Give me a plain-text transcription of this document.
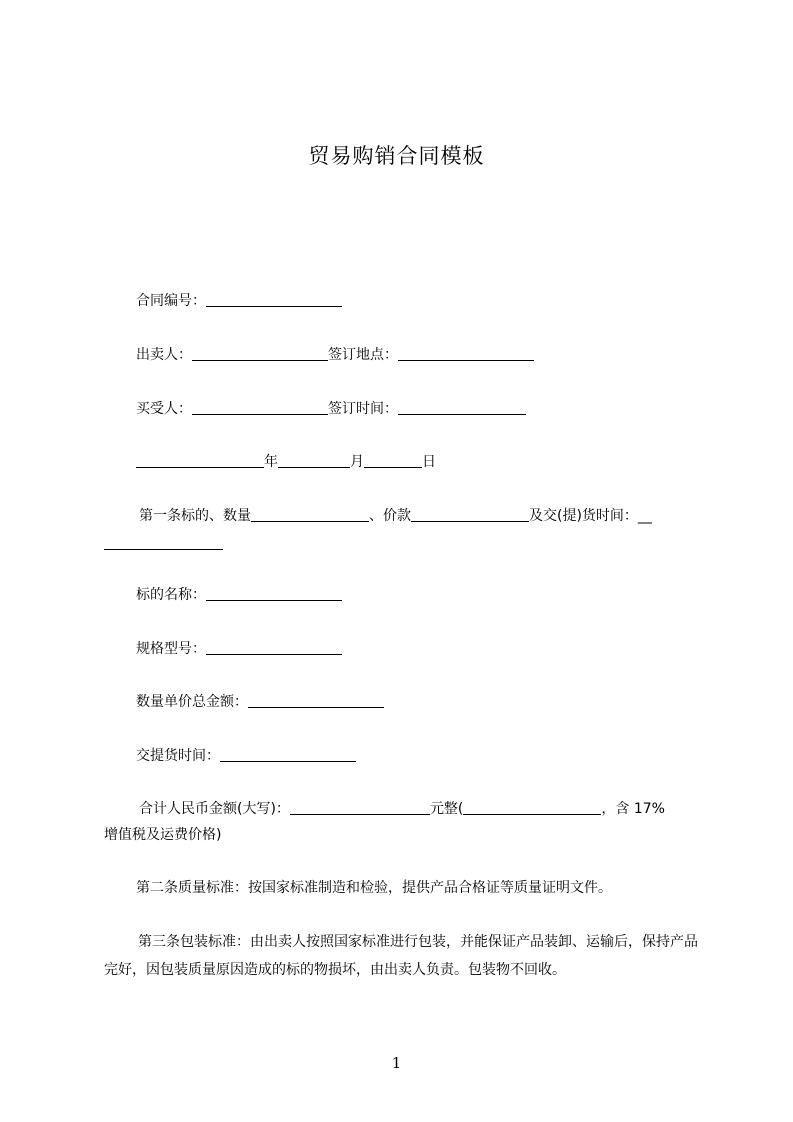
贸易购销合同模板
合同编号：
出卖人：	签订地点：
买受人：	签订时间：
年	月	日
第一条标的、数量	、价款	及交(提)货时间：__
标的名称：
规格型号：
数量单价总金额：
交提货时间：
合计人民币金额(大写)：	元整(	，含 17%
增值税及运费价格)
第二条质量标准：按国家标准制造和检验，提供产品合格证等质量证明文件。
第三条包装标准：由出卖人按照国家标准进行包装，并能保证产品装卸、运输后，保持产品完好，因包装质量原因造成的标的物损坏，由出卖人负责。包装物不回收。
1
